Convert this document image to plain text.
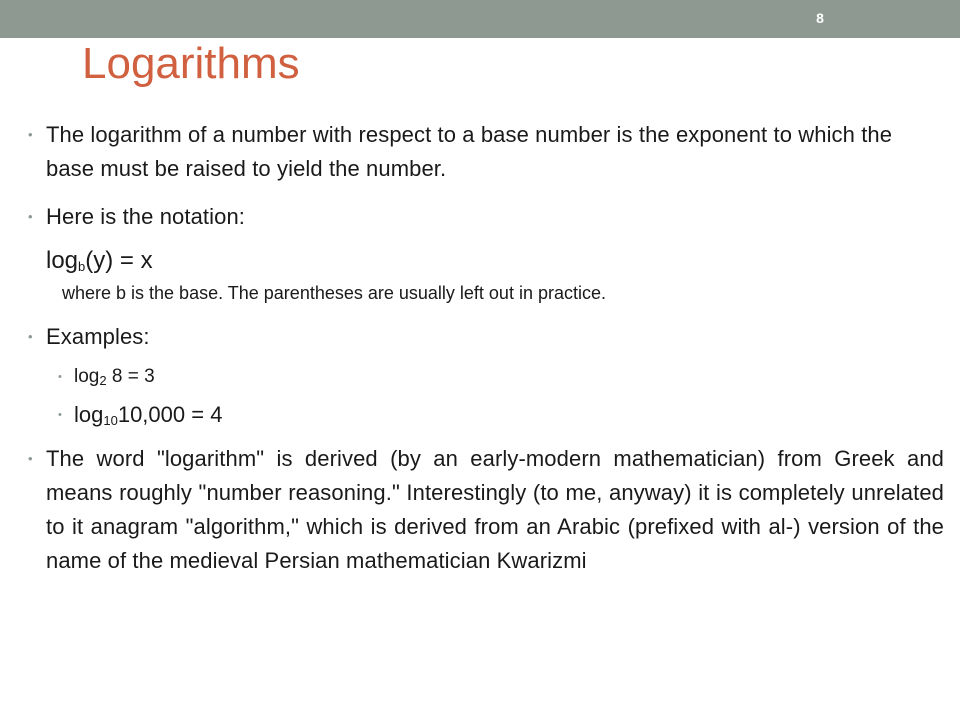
8
Logarithms
• The logarithm of a number with respect to a base number is the exponent to which the base must be raised to yield the number.
• Here is the notation:
$\log_b(y) = x$
where b is the base. The parentheses are usually left out in practice.
• Examples:
• $\log_2 8 = 3$
• $\log_{10}10,000 = 4$
• The word "logarithm" is derived (by an early-modern mathematician) from Greek and means roughly "number reasoning." Interestingly (to me, anyway) it is completely unrelated to it anagram "algorithm," which is derived from an Arabic (prefixed with al-) version of the name of the medieval Persian mathematician Kwarizmi
